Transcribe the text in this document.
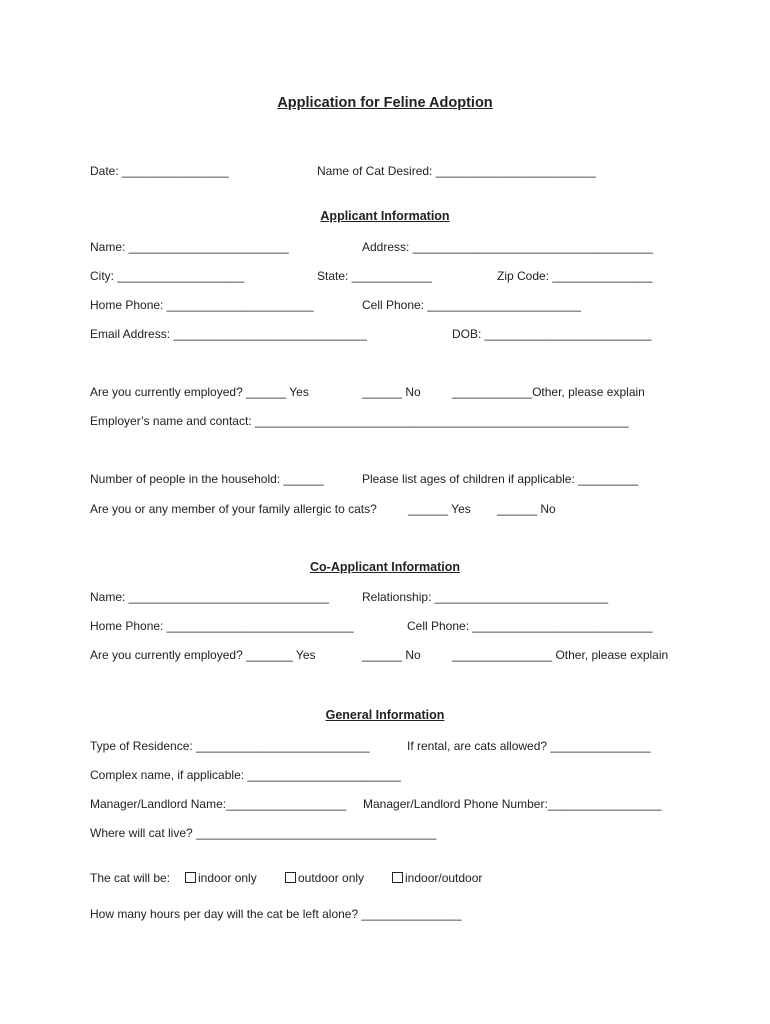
Application for Feline Adoption
Date: ________________	Name of Cat Desired: ________________________
Applicant Information
Name: ________________________	Address: ____________________________________
City: ___________________	State: ____________	Zip Code: _______________
Home Phone: ______________________	Cell Phone: _______________________
Email Address: _____________________________	DOB: _________________________
Are you currently employed? ______ Yes	______ No	____________Other, please explain
Employer’s name and contact: ________________________________________________________
Number of people in the household: ______	Please list ages of children if applicable: _________
Are you or any member of your family allergic to cats?	______ Yes ______ No
Co-Applicant Information
Name: ______________________________	Relationship: __________________________
Home Phone: ____________________________	Cell Phone: ___________________________
Are you currently employed? _______ Yes	______ No	_______________ Other, please explain
General Information
Type of Residence: __________________________	If rental, are cats allowed? _______________
Complex name, if applicable: _______________________
Manager/Landlord Name:__________________ Manager/Landlord Phone Number:_________________
Where will cat live? ____________________________________
The cat will be:	indoor only	outdoor only	indoor/outdoor
How many hours per day will the cat be left alone? _______________
